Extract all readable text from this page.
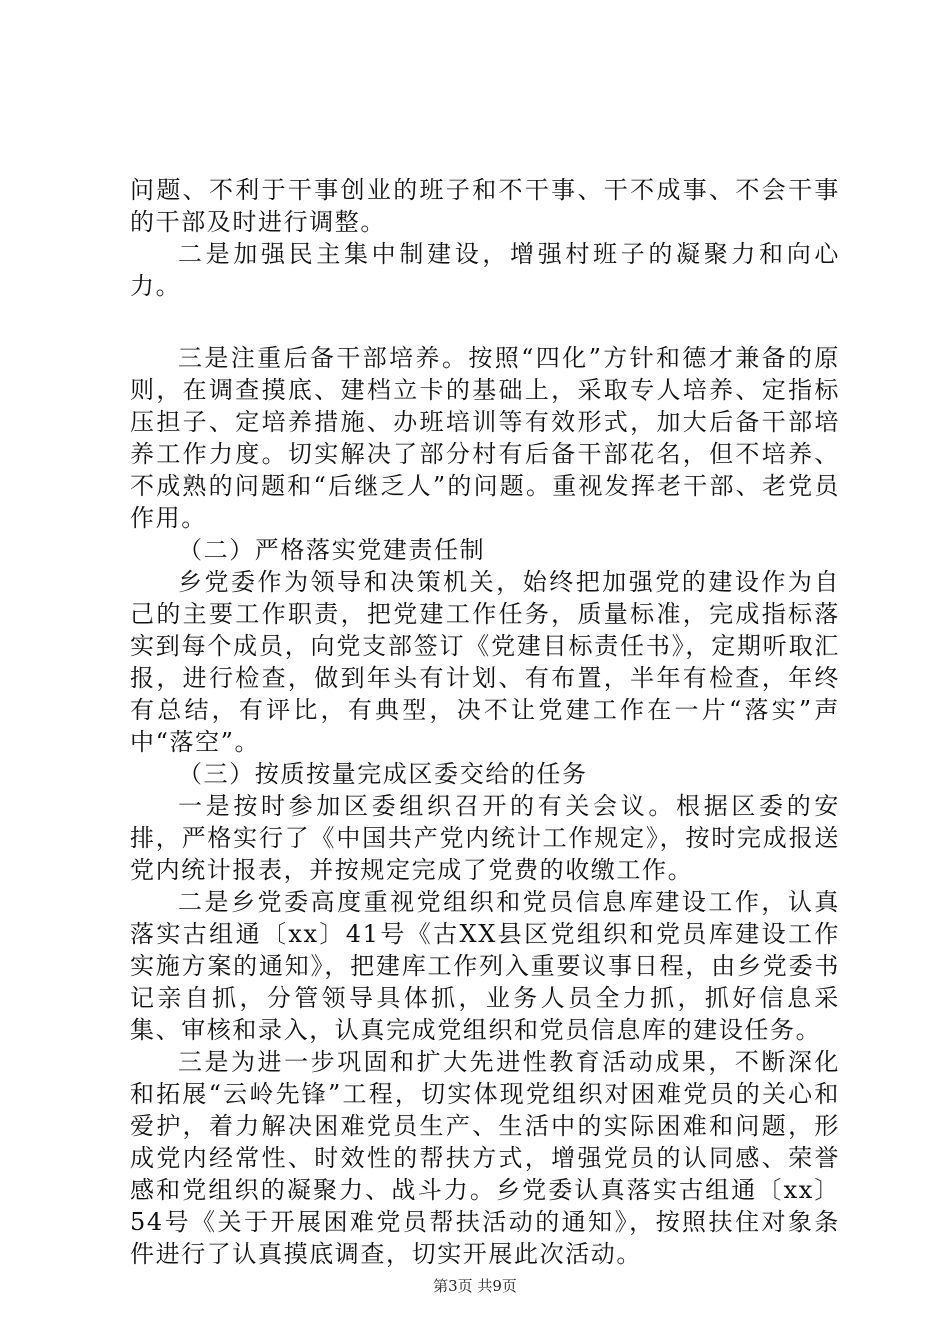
问题、不利于干事创业的班子和不干事、干不成事、不会干事的干部及时进行调整。

二是加强民主集中制建设，增强村班子的凝聚力和向心力。

三是注重后备干部培养。按照“四化”方针和德才兼备的原则，在调查摸底、建档立卡的基础上，采取专人培养、定指标压担子、定培养措施、办班培训等有效形式，加大后备干部培养工作力度。切实解决了部分村有后备干部花名，但不培养、不成熟的问题和“后继乏人”的问题。重视发挥老干部、老党员作用。

（二）严格落实党建责任制

乡党委作为领导和决策机关，始终把加强党的建设作为自己的主要工作职责，把党建工作任务，质量标准，完成指标落实到每个成员，向党支部签订《党建目标责任书》，定期听取汇报，进行检查，做到年头有计划、有布置，半年有检查，年终有总结，有评比，有典型，决不让党建工作在一片“落实”声中“落空”。

（三）按质按量完成区委交给的任务

一是按时参加区委组织召开的有关会议。根据区委的安排，严格实行了《中国共产党内统计工作规定》，按时完成报送党内统计报表，并按规定完成了党费的收缴工作。

二是乡党委高度重视党组织和党员信息库建设工作，认真落实古组通〔xx〕41号《古XX县区党组织和党员库建设工作实施方案的通知》，把建库工作列入重要议事日程，由乡党委书记亲自抓，分管领导具体抓，业务人员全力抓，抓好信息采集、审核和录入，认真完成党组织和党员信息库的建设任务。

三是为进一步巩固和扩大先进性教育活动成果，不断深化和拓展“云岭先锋”工程，切实体现党组织对困难党员的关心和爱护，着力解决困难党员生产、生活中的实际困难和问题，形成党内经常性、时效性的帮扶方式，增强党员的认同感、荣誉感和党组织的凝聚力、战斗力。乡党委认真落实古组通〔xx〕54号《关于开展困难党员帮扶活动的通知》，按照扶住对象条件进行了认真摸底调查，切实开展此次活动。

第3页 共9页
